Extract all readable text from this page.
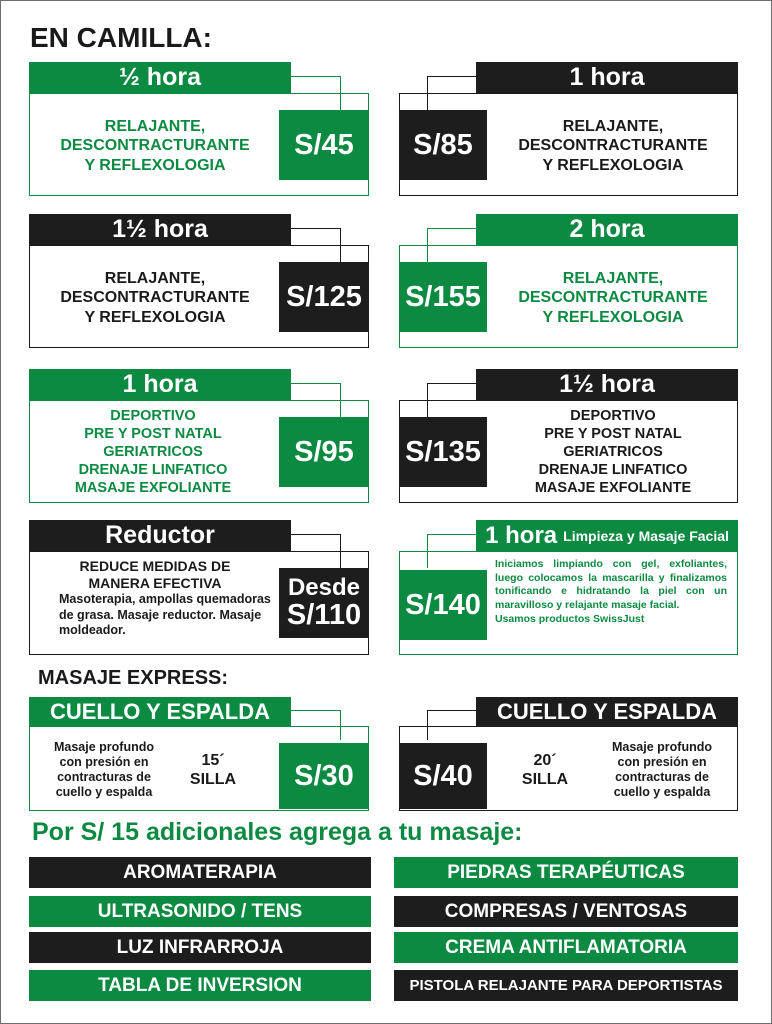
EN CAMILLA:
½ hora
RELAJANTE,
DESCONTRACTURANTE
Y REFLEXOLOGIA
S/45
1 hora
S/85
RELAJANTE,
DESCONTRACTURANTE
Y REFLEXOLOGIA
1½ hora
RELAJANTE,
DESCONTRACTURANTE
Y REFLEXOLOGIA
S/125
2 hora
S/155
RELAJANTE,
DESCONTRACTURANTE
Y REFLEXOLOGIA
1 hora
DEPORTIVO
PRE Y POST NATAL
GERIATRICOS
DRENAJE LINFATICO
MASAJE EXFOLIANTE
S/95
1½ hora
S/135
DEPORTIVO
PRE Y POST NATAL
GERIATRICOS
DRENAJE LINFATICO
MASAJE EXFOLIANTE
Reductor
REDUCE MEDIDAS DE
MANERA EFECTIVA
Masoterapia, ampollas quemadoras de grasa. Masaje reductor. Masaje moldeador.
Desde
S/110
1 hora Limpieza y Masaje Facial
S/140
Iniciamos limpiando con gel, exfoliantes, luego colocamos la mascarilla y finalizamos tonificando e hidratando la piel con un maravilloso y relajante masaje facial.
Usamos productos SwissJust
MASAJE EXPRESS:
CUELLO Y ESPALDA
Masaje profundo
con presión en
contracturas de
cuello y espalda
15´
SILLA	S/30
CUELLO Y ESPALDA
S/40	20´
SILLA
Masaje profundo
con presión en
contracturas de
cuello y espalda
Por S/ 15 adicionales agrega a tu masaje:
AROMATERAPIA
ULTRASONIDO / TENS
LUZ INFRARROJA
TABLA DE INVERSION
PIEDRAS TERAPÉUTICAS
COMPRESAS / VENTOSAS
CREMA ANTIFLAMATORIA
PISTOLA RELAJANTE PARA DEPORTISTAS
